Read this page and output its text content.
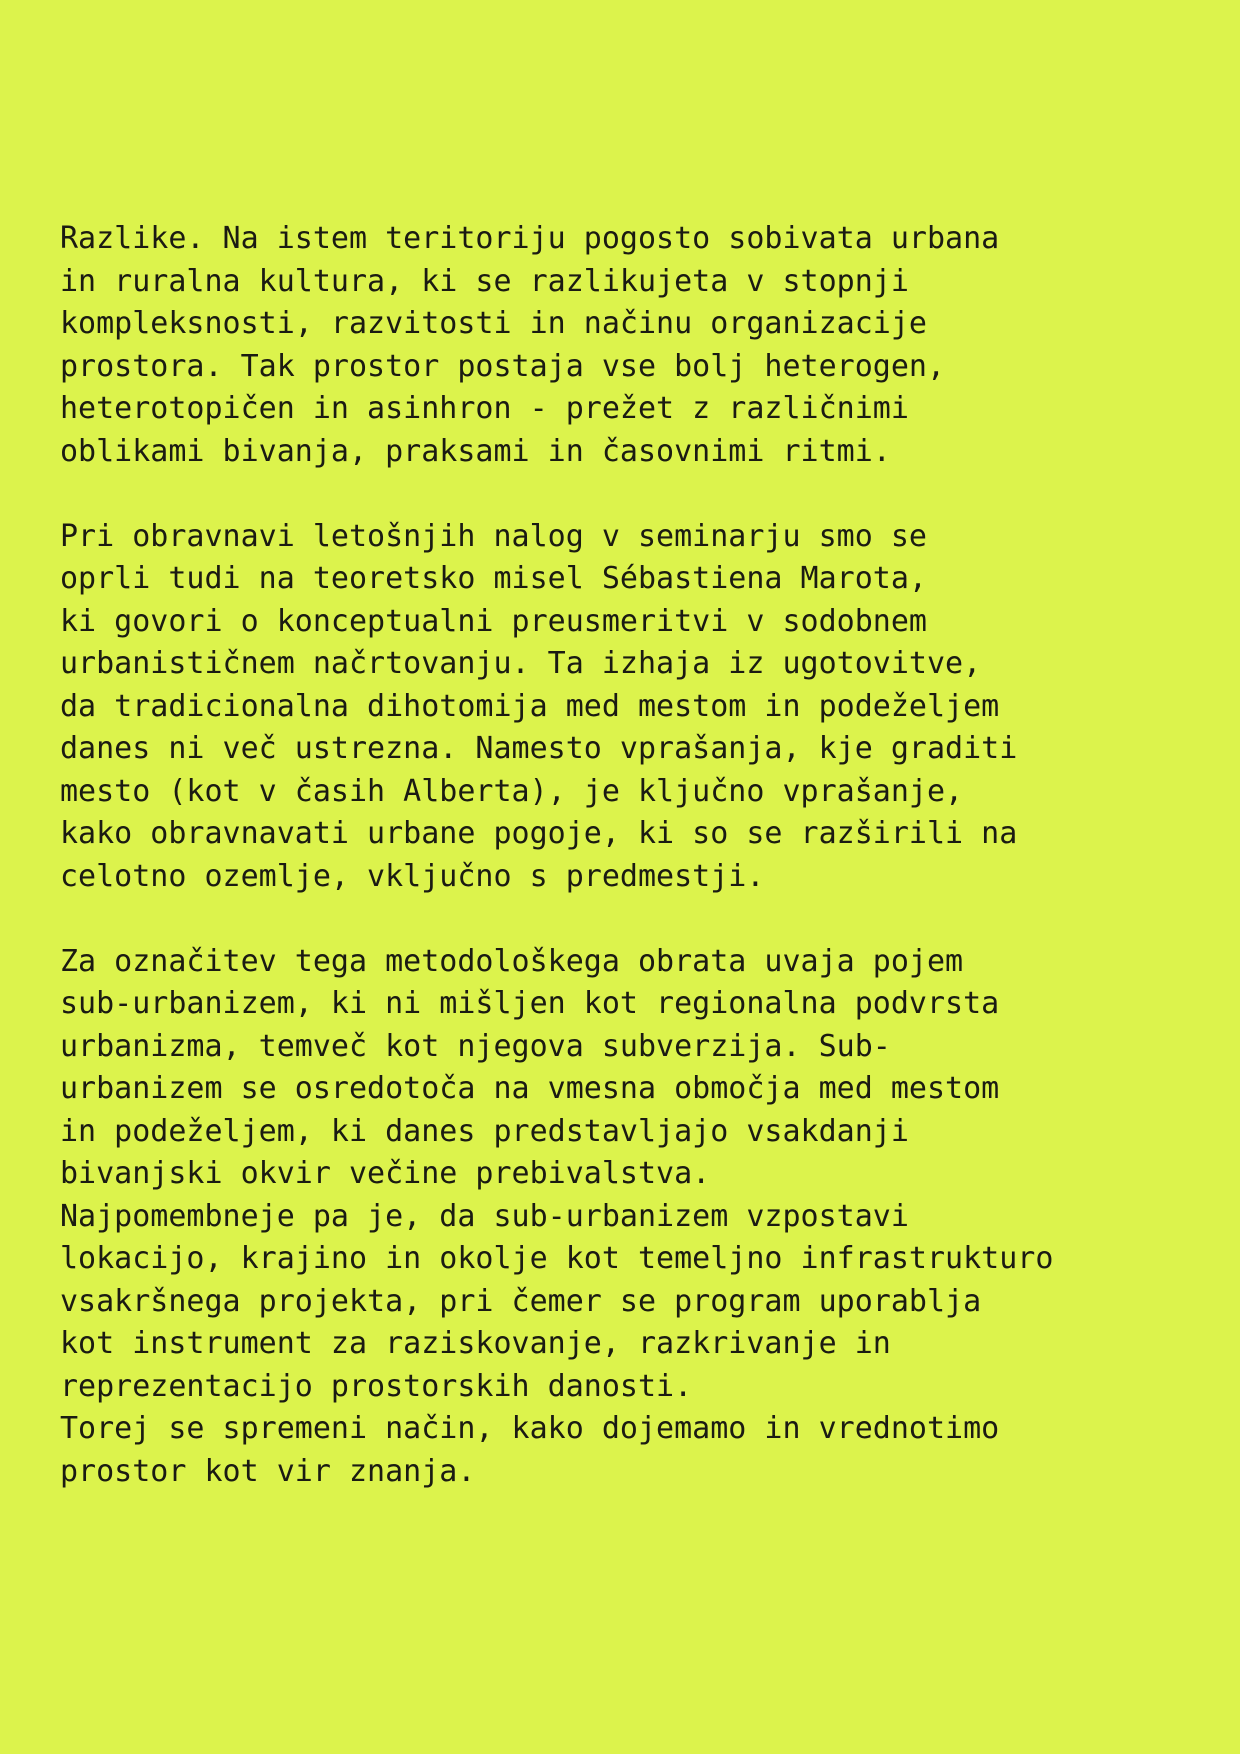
Razlike. Na istem teritoriju pogosto sobivata urbana
in ruralna kultura, ki se razlikujeta v stopnji
kompleksnosti, razvitosti in načinu organizacije
prostora. Tak prostor postaja vse bolj heterogen,
heterotopičen in asinhron - prežet z različnimi
oblikami bivanja, praksami in časovnimi ritmi.
Pri obravnavi letošnjih nalog v seminarju smo se
oprli tudi na teoretsko misel Sébastiena Marota,
ki govori o konceptualni preusmeritvi v sodobnem
urbanističnem načrtovanju. Ta izhaja iz ugotovitve,
da tradicionalna dihotomija med mestom in podeželjem
danes ni več ustrezna. Namesto vprašanja, kje graditi
mesto (kot v časih Alberta), je ključno vprašanje,
kako obravnavati urbane pogoje, ki so se razširili na
celotno ozemlje, vključno s predmestji.
Za označitev tega metodološkega obrata uvaja pojem
sub-urbanizem, ki ni mišljen kot regionalna podvrsta
urbanizma, temveč kot njegova subverzija. Sub-
urbanizem se osredotoča na vmesna območja med mestom
in podeželjem, ki danes predstavljajo vsakdanji
bivanjski okvir večine prebivalstva.
Najpomembneje pa je, da sub-urbanizem vzpostavi
lokacijo, krajino in okolje kot temeljno infrastrukturo
vsakršnega projekta, pri čemer se program uporablja
kot instrument za raziskovanje, razkrivanje in
reprezentacijo prostorskih danosti.
Torej se spremeni način, kako dojemamo in vrednotimo
prostor kot vir znanja.
